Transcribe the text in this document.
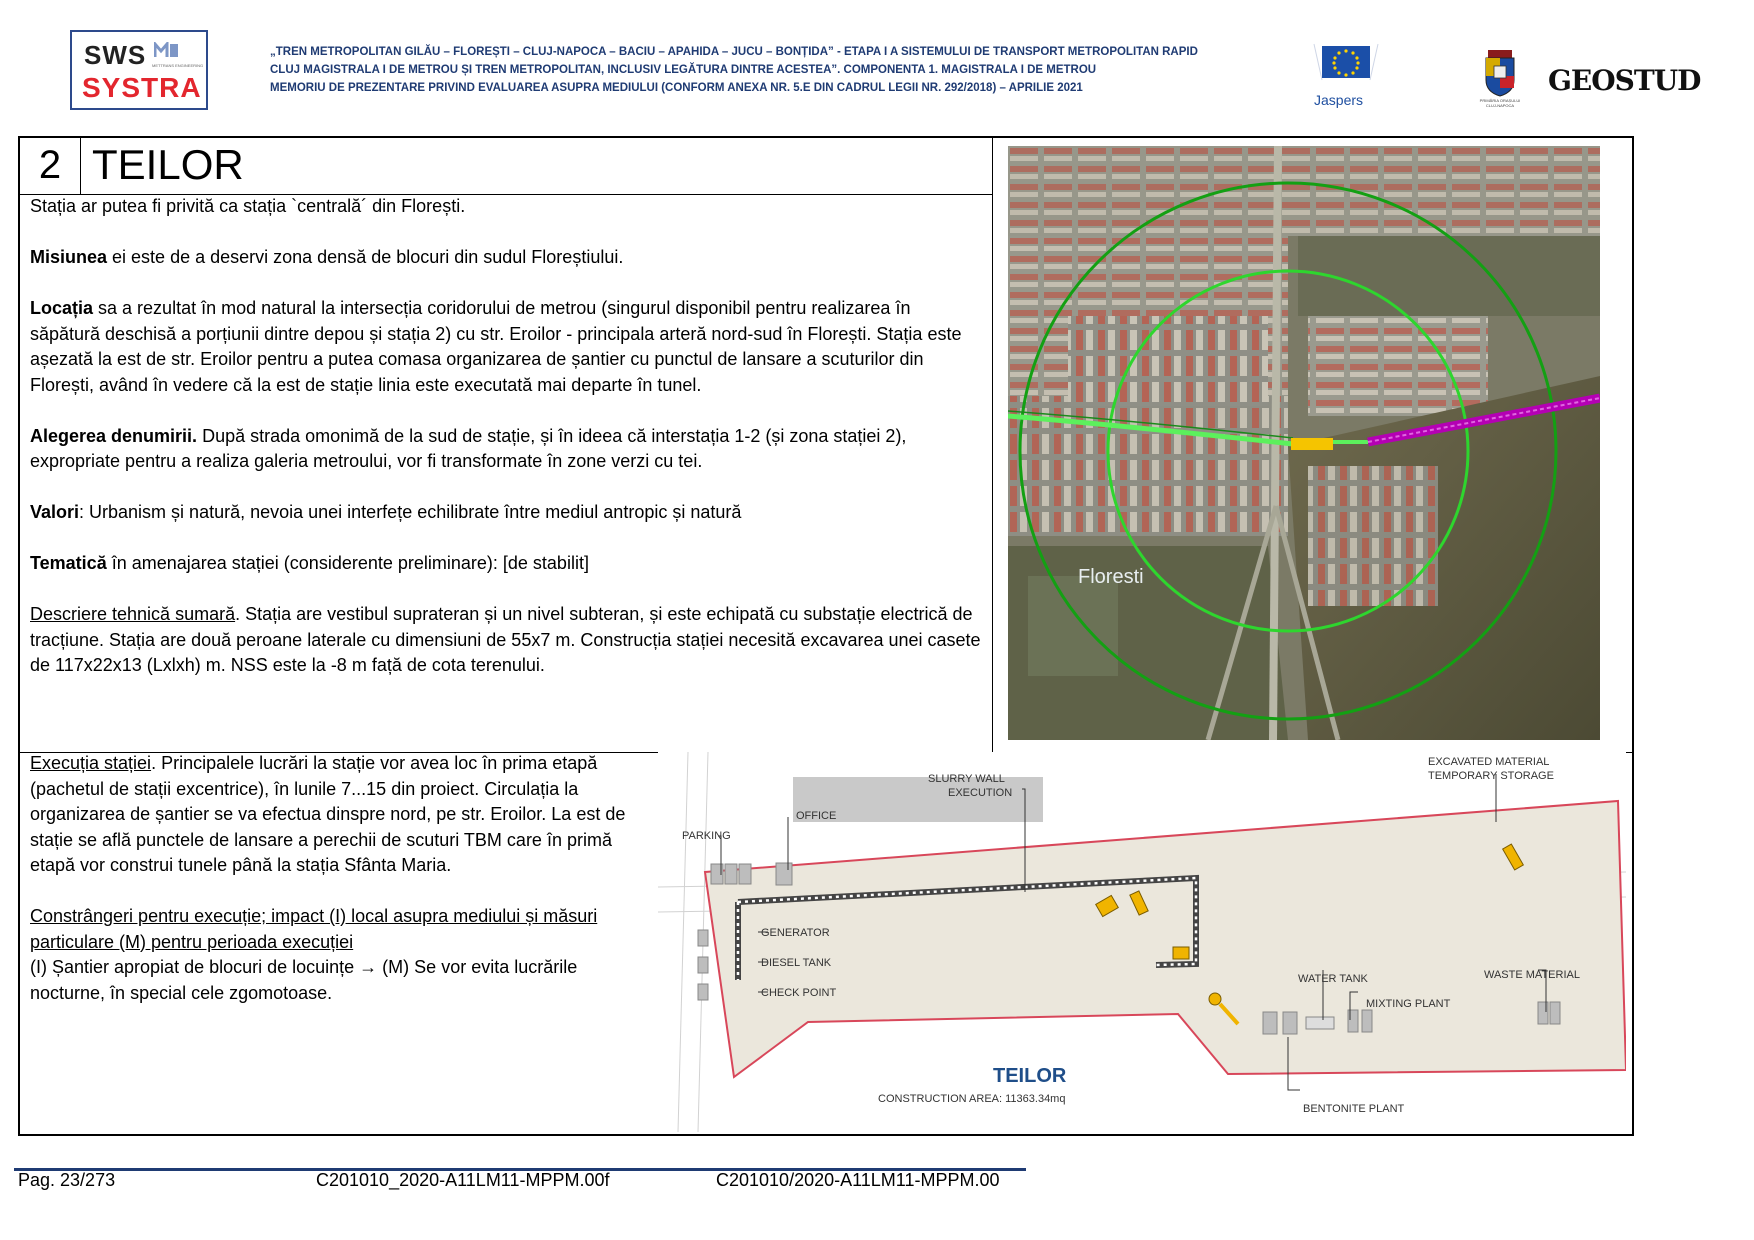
SWS METTRANS ENGINEERING
SYSTRA
„TREN METROPOLITAN GILĂU – FLOREȘTI – CLUJ-NAPOCA – BACIU – APAHIDA – JUCU – BONȚIDA” - ETAPA I A SISTEMULUI DE TRANSPORT METROPOLITAN RAPID
CLUJ MAGISTRALA I DE METROU ȘI TREN METROPOLITAN, INCLUSIV LEGĂTURA DINTRE ACESTEA”. COMPONENTA 1. MAGISTRALA I DE METROU
MEMORIU DE PREZENTARE PRIVIND EVALUAREA ASUPRA MEDIULUI (CONFORM ANEXA NR. 5.E DIN CADRUL LEGII NR. 292/2018) – APRILIE 2021
Jaspers	PRIMĂRIA ORAȘULUI CLUJ-NAPOCA
GEOSTUD
2 TEILOR

Stația ar putea fi privită ca stația `centrală´ din Florești.

Misiunea ei este de a deservi zona densă de blocuri din sudul Floreștiului.

Locația sa a rezultat în mod natural la intersecția coridorului de metrou (singurul disponibil pentru realizarea în săpătură deschisă a porțiunii dintre depou și stația 2) cu str. Eroilor - principala arteră nord-sud în Florești. Stația este așezată la est de str. Eroilor pentru a putea comasa organizarea de șantier cu punctul de lansare a scuturilor din Florești, având în vedere că la est de stație linia este executată mai departe în tunel.

Alegerea denumirii. După strada omonimă de la sud de stație, și în ideea că interstația 1-2 (și zona stației 2), expropriate pentru a realiza galeria metroului, vor fi transformate în zone verzi cu tei.

Valori: Urbanism și natură, nevoia unei interfețe echilibrate între mediul antropic și natură

Tematică în amenajarea stației (considerente preliminare): [de stabilit]

Descriere tehnică sumară. Stația are vestibul suprateran și un nivel subteran, și este echipată cu substație electrică de tracțiune. Stația are două peroane laterale cu dimensiuni de 55x7 m. Construcția stației necesită excavarea unei casete de 117x22x13 (Lxlxh) m. NSS este la -8 m față de cota terenului.

Floresti

Execuția stației. Principalele lucrări la stație vor avea loc în prima etapă (pachetul de stații excentrice), în lunile 7...15 din proiect. Circulația la organizarea de șantier se va efectua dinspre nord, pe str. Eroilor. La est de stație se află punctele de lansare a perechii de scuturi TBM care în primă etapă vor construi tunele până la stația Sfânta Maria.

Constrângeri pentru execuție; impact (I) local asupra mediului și măsuri particulare (M) pentru perioada execuției
(I) Șantier apropiat de blocuri de locuințe → (M) Se vor evita lucrările nocturne, în special cele zgomotoase.
SLURRY WALL
EXECUTION
OFFICE
PARKING
GENERATOR
DIESEL TANK
CHECK POINT
EXCAVATED MATERIAL
TEMPORARY STORAGE
WATER TANK
MIXTING PLANT
WASTE MATERIAL
BENTONITE PLANT
TEILOR
CONSTRUCTION AREA: 11363.34mq
Pag. 23/273	C201010_2020-A11LM11-MPPM.00f	C201010/2020-A11LM11-MPPM.00
